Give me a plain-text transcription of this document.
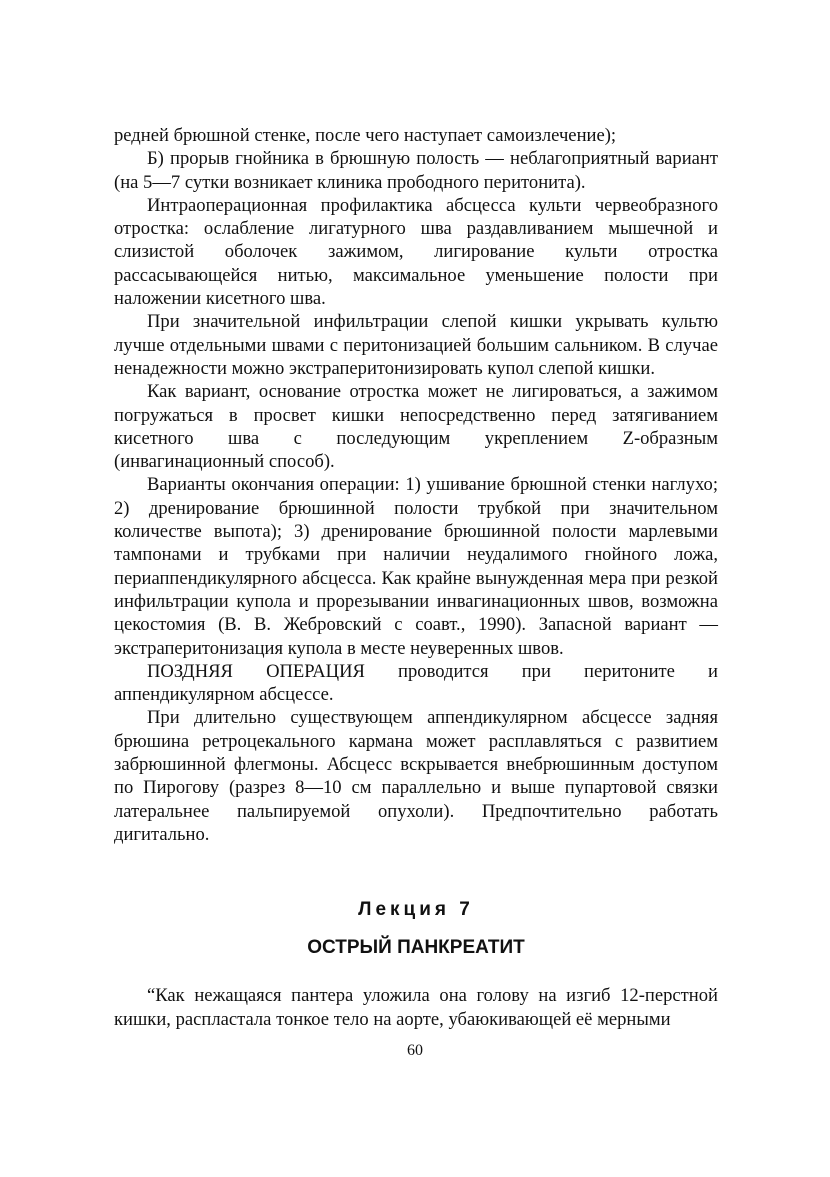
редней брюшной стенке, после чего наступает самоизлечение);

Б) прорыв гнойника в брюшную полость — неблагоприятный вариант (на 5—7 сутки возникает клиника прободного перитонита).

Интраоперационная профилактика абсцесса культи червеобразного отростка: ослабление лигатурного шва раздавливанием мышечной и слизистой оболочек зажимом, лигирование культи отростка рассасывающейся нитью, максимальное уменьшение полости при наложении кисетного шва.

При значительной инфильтрации слепой кишки укрывать культю лучше отдельными швами с перитонизацией большим сальником. В случае ненадежности можно экстраперитонизировать купол слепой кишки.

Как вариант, основание отростка может не лигироваться, а зажимом погружаться в просвет кишки непосредственно перед затягиванием кисетного шва с последующим укреплением Z-образным (инвагинационный способ).

Варианты окончания операции: 1) ушивание брюшной стенки наглухо; 2) дренирование брюшинной полости трубкой при значительном количестве выпота); 3) дренирование брюшинной полости марлевыми тампонами и трубками при наличии неудалимого гнойного ложа, периаппендикулярного абсцесса. Как крайне вынужденная мера при резкой инфильтрации купола и прорезывании инвагинационных швов, возможна цекостомия (В. В. Жебровский с соавт., 1990). Запасной вариант — экстраперитонизация купола в месте неуверенных швов.

ПОЗДНЯЯ ОПЕРАЦИЯ проводится при перитоните и аппендикулярном абсцессе.

При длительно существующем аппендикулярном абсцессе задняя брюшина ретроцекального кармана может расплавляться с развитием забрюшинной флегмоны. Абсцесс вскрывается внебрюшинным доступом по Пирогову (разрез 8—10 см параллельно и выше пупартовой связки латеральнее пальпируемой опухоли). Предпочтительно работать дигитально.

Лекция 7
ОСТРЫЙ ПАНКРЕАТИТ

“Как нежащаяся пантера уложила она голову на изгиб 12-перстной кишки, распластала тонкое тело на аорте, убаюкивающей её мерными

60
